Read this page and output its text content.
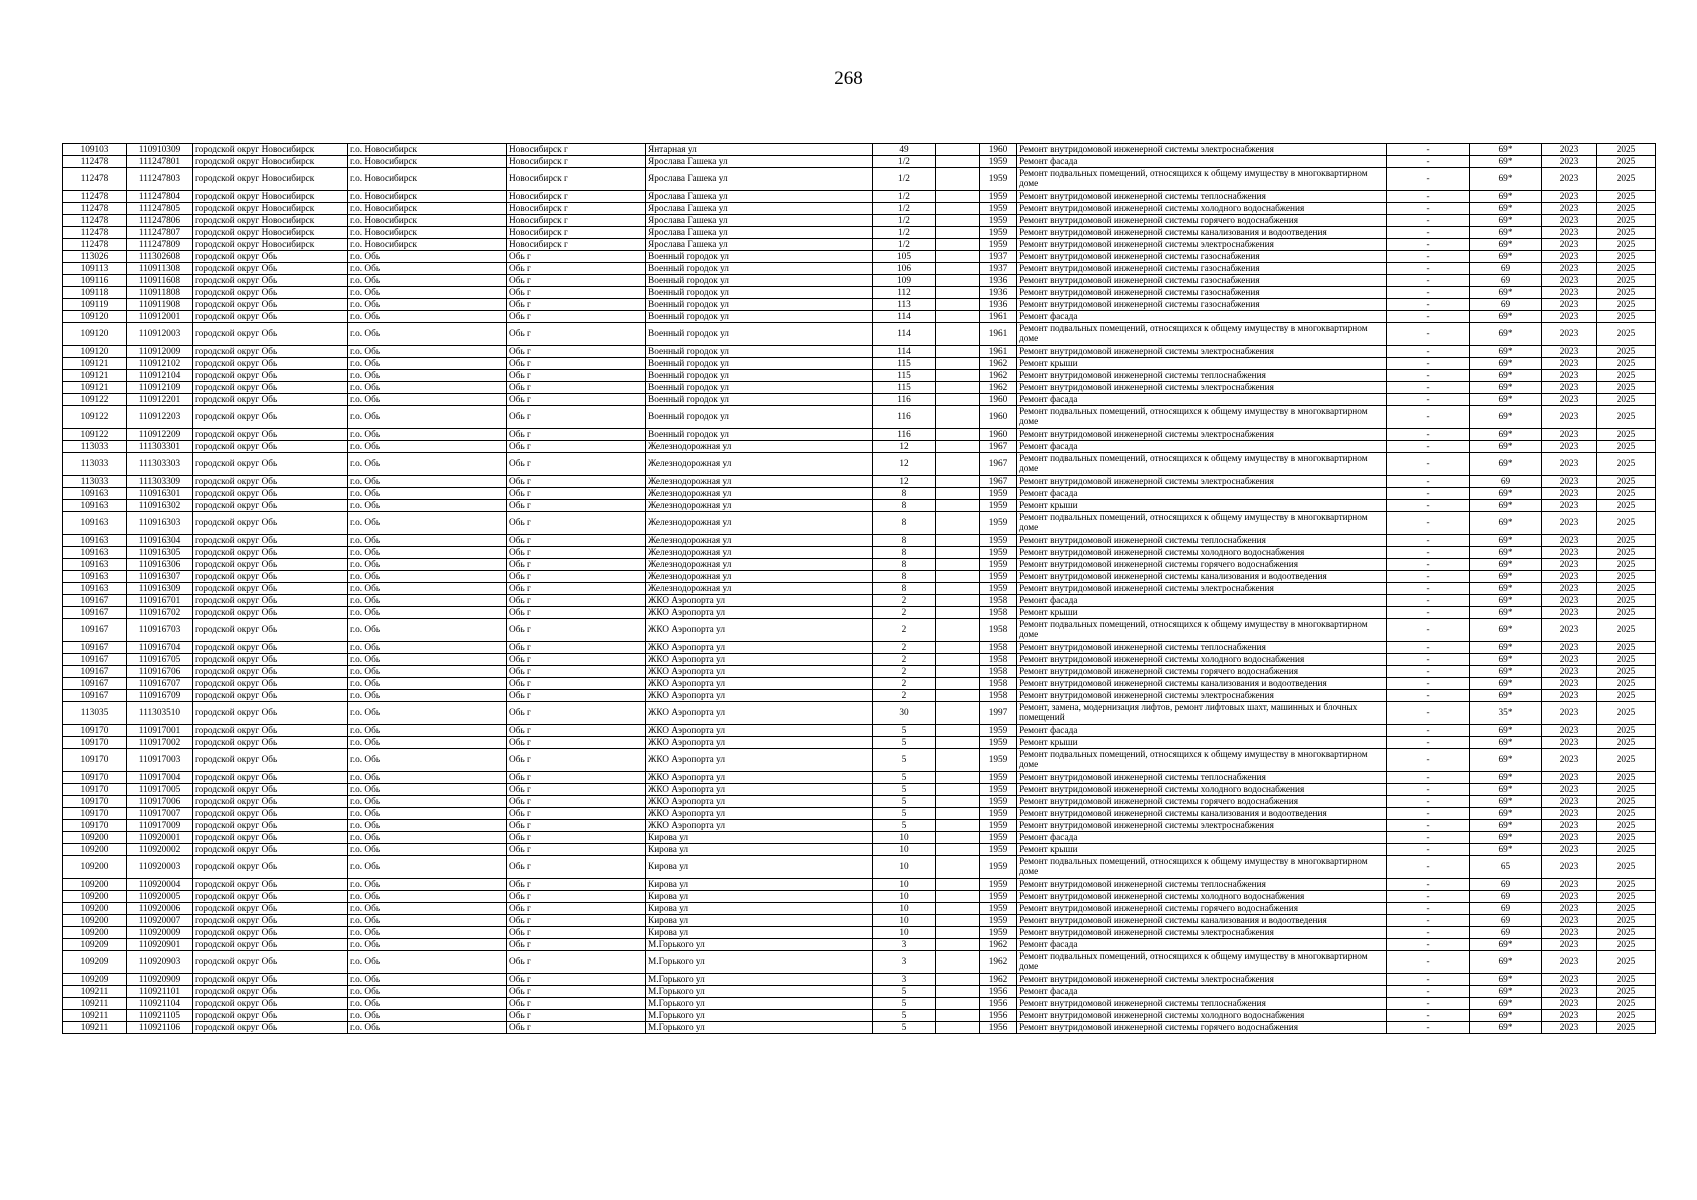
268
109103	110910309	городской округ Новосибирск	г.о. Новосибирск	Новосибирск г	Янтарная ул	49		1960	Ремонт внутридомовой инженерной системы электроснабжения	-	69*	2023	2025
112478	111247801	городской округ Новосибирск	г.о. Новосибирск	Новосибирск г	Ярослава Гашека ул	1/2		1959	Ремонт фасада	-	69*	2023	2025
112478	111247803	городской округ Новосибирск	г.о. Новосибирск	Новосибирск г	Ярослава Гашека ул	1/2		1959	Ремонт подвальных помещений, относящихся к общему имуществу в многоквартирном доме	-	69*	2023	2025
112478	111247804	городской округ Новосибирск	г.о. Новосибирск	Новосибирск г	Ярослава Гашека ул	1/2		1959	Ремонт внутридомовой инженерной системы теплоснабжения	-	69*	2023	2025
112478	111247805	городской округ Новосибирск	г.о. Новосибирск	Новосибирск г	Ярослава Гашека ул	1/2		1959	Ремонт внутридомовой инженерной системы холодного водоснабжения	-	69*	2023	2025
112478	111247806	городской округ Новосибирск	г.о. Новосибирск	Новосибирск г	Ярослава Гашека ул	1/2		1959	Ремонт внутридомовой инженерной системы горячего водоснабжения	-	69*	2023	2025
112478	111247807	городской округ Новосибирск	г.о. Новосибирск	Новосибирск г	Ярослава Гашека ул	1/2		1959	Ремонт внутридомовой инженерной системы канализования и водоотведения	-	69*	2023	2025
112478	111247809	городской округ Новосибирск	г.о. Новосибирск	Новосибирск г	Ярослава Гашека ул	1/2		1959	Ремонт внутридомовой инженерной системы электроснабжения	-	69*	2023	2025
113026	111302608	городской округ Обь	г.о. Обь	Обь г	Военный городок ул	105		1937	Ремонт внутридомовой инженерной системы газоснабжения	-	69*	2023	2025
109113	110911308	городской округ Обь	г.о. Обь	Обь г	Военный городок ул	106		1937	Ремонт внутридомовой инженерной системы газоснабжения	-	69	2023	2025
109116	110911608	городской округ Обь	г.о. Обь	Обь г	Военный городок ул	109		1936	Ремонт внутридомовой инженерной системы газоснабжения	-	69	2023	2025
109118	110911808	городской округ Обь	г.о. Обь	Обь г	Военный городок ул	112		1936	Ремонт внутридомовой инженерной системы газоснабжения	-	69*	2023	2025
109119	110911908	городской округ Обь	г.о. Обь	Обь г	Военный городок ул	113		1936	Ремонт внутридомовой инженерной системы газоснабжения	-	69	2023	2025
109120	110912001	городской округ Обь	г.о. Обь	Обь г	Военный городок ул	114		1961	Ремонт фасада	-	69*	2023	2025
109120	110912003	городской округ Обь	г.о. Обь	Обь г	Военный городок ул	114		1961	Ремонт подвальных помещений, относящихся к общему имуществу в многоквартирном доме	-	69*	2023	2025
109120	110912009	городской округ Обь	г.о. Обь	Обь г	Военный городок ул	114		1961	Ремонт внутридомовой инженерной системы электроснабжения	-	69*	2023	2025
109121	110912102	городской округ Обь	г.о. Обь	Обь г	Военный городок ул	115		1962	Ремонт крыши	-	69*	2023	2025
109121	110912104	городской округ Обь	г.о. Обь	Обь г	Военный городок ул	115		1962	Ремонт внутридомовой инженерной системы теплоснабжения	-	69*	2023	2025
109121	110912109	городской округ Обь	г.о. Обь	Обь г	Военный городок ул	115		1962	Ремонт внутридомовой инженерной системы электроснабжения	-	69*	2023	2025
109122	110912201	городской округ Обь	г.о. Обь	Обь г	Военный городок ул	116		1960	Ремонт фасада	-	69*	2023	2025
109122	110912203	городской округ Обь	г.о. Обь	Обь г	Военный городок ул	116		1960	Ремонт подвальных помещений, относящихся к общему имуществу в многоквартирном доме	-	69*	2023	2025
109122	110912209	городской округ Обь	г.о. Обь	Обь г	Военный городок ул	116		1960	Ремонт внутридомовой инженерной системы электроснабжения	-	69*	2023	2025
113033	111303301	городской округ Обь	г.о. Обь	Обь г	Железнодорожная ул	12		1967	Ремонт фасада	-	69*	2023	2025
113033	111303303	городской округ Обь	г.о. Обь	Обь г	Железнодорожная ул	12		1967	Ремонт подвальных помещений, относящихся к общему имуществу в многоквартирном доме	-	69*	2023	2025
113033	111303309	городской округ Обь	г.о. Обь	Обь г	Железнодорожная ул	12		1967	Ремонт внутридомовой инженерной системы электроснабжения	-	69	2023	2025
109163	110916301	городской округ Обь	г.о. Обь	Обь г	Железнодорожная ул	8		1959	Ремонт фасада	-	69*	2023	2025
109163	110916302	городской округ Обь	г.о. Обь	Обь г	Железнодорожная ул	8		1959	Ремонт крыши	-	69*	2023	2025
109163	110916303	городской округ Обь	г.о. Обь	Обь г	Железнодорожная ул	8		1959	Ремонт подвальных помещений, относящихся к общему имуществу в многоквартирном доме	-	69*	2023	2025
109163	110916304	городской округ Обь	г.о. Обь	Обь г	Железнодорожная ул	8		1959	Ремонт внутридомовой инженерной системы теплоснабжения	-	69*	2023	2025
109163	110916305	городской округ Обь	г.о. Обь	Обь г	Железнодорожная ул	8		1959	Ремонт внутридомовой инженерной системы холодного водоснабжения	-	69*	2023	2025
109163	110916306	городской округ Обь	г.о. Обь	Обь г	Железнодорожная ул	8		1959	Ремонт внутридомовой инженерной системы горячего водоснабжения	-	69*	2023	2025
109163	110916307	городской округ Обь	г.о. Обь	Обь г	Железнодорожная ул	8		1959	Ремонт внутридомовой инженерной системы канализования и водоотведения	-	69*	2023	2025
109163	110916309	городской округ Обь	г.о. Обь	Обь г	Железнодорожная ул	8		1959	Ремонт внутридомовой инженерной системы электроснабжения	-	69*	2023	2025
109167	110916701	городской округ Обь	г.о. Обь	Обь г	ЖКО Аэропорта ул	2		1958	Ремонт фасада	-	69*	2023	2025
109167	110916702	городской округ Обь	г.о. Обь	Обь г	ЖКО Аэропорта ул	2		1958	Ремонт крыши	-	69*	2023	2025
109167	110916703	городской округ Обь	г.о. Обь	Обь г	ЖКО Аэропорта ул	2		1958	Ремонт подвальных помещений, относящихся к общему имуществу в многоквартирном доме	-	69*	2023	2025
109167	110916704	городской округ Обь	г.о. Обь	Обь г	ЖКО Аэропорта ул	2		1958	Ремонт внутридомовой инженерной системы теплоснабжения	-	69*	2023	2025
109167	110916705	городской округ Обь	г.о. Обь	Обь г	ЖКО Аэропорта ул	2		1958	Ремонт внутридомовой инженерной системы холодного водоснабжения	-	69*	2023	2025
109167	110916706	городской округ Обь	г.о. Обь	Обь г	ЖКО Аэропорта ул	2		1958	Ремонт внутридомовой инженерной системы горячего водоснабжения	-	69*	2023	2025
109167	110916707	городской округ Обь	г.о. Обь	Обь г	ЖКО Аэропорта ул	2		1958	Ремонт внутридомовой инженерной системы канализования и водоотведения	-	69*	2023	2025
109167	110916709	городской округ Обь	г.о. Обь	Обь г	ЖКО Аэропорта ул	2		1958	Ремонт внутридомовой инженерной системы электроснабжения	-	69*	2023	2025
113035	111303510	городской округ Обь	г.о. Обь	Обь г	ЖКО Аэропорта ул	30		1997	Ремонт, замена, модернизация лифтов, ремонт лифтовых шахт, машинных и блочных помещений	-	35*	2023	2025
109170	110917001	городской округ Обь	г.о. Обь	Обь г	ЖКО Аэропорта ул	5		1959	Ремонт фасада	-	69*	2023	2025
109170	110917002	городской округ Обь	г.о. Обь	Обь г	ЖКО Аэропорта ул	5		1959	Ремонт крыши	-	69*	2023	2025
109170	110917003	городской округ Обь	г.о. Обь	Обь г	ЖКО Аэропорта ул	5		1959	Ремонт подвальных помещений, относящихся к общему имуществу в многоквартирном доме	-	69*	2023	2025
109170	110917004	городской округ Обь	г.о. Обь	Обь г	ЖКО Аэропорта ул	5		1959	Ремонт внутридомовой инженерной системы теплоснабжения	-	69*	2023	2025
109170	110917005	городской округ Обь	г.о. Обь	Обь г	ЖКО Аэропорта ул	5		1959	Ремонт внутридомовой инженерной системы холодного водоснабжения	-	69*	2023	2025
109170	110917006	городской округ Обь	г.о. Обь	Обь г	ЖКО Аэропорта ул	5		1959	Ремонт внутридомовой инженерной системы горячего водоснабжения	-	69*	2023	2025
109170	110917007	городской округ Обь	г.о. Обь	Обь г	ЖКО Аэропорта ул	5		1959	Ремонт внутридомовой инженерной системы канализования и водоотведения	-	69*	2023	2025
109170	110917009	городской округ Обь	г.о. Обь	Обь г	ЖКО Аэропорта ул	5		1959	Ремонт внутридомовой инженерной системы электроснабжения	-	69*	2023	2025
109200	110920001	городской округ Обь	г.о. Обь	Обь г	Кирова ул	10		1959	Ремонт фасада	-	69*	2023	2025
109200	110920002	городской округ Обь	г.о. Обь	Обь г	Кирова ул	10		1959	Ремонт крыши	-	69*	2023	2025
109200	110920003	городской округ Обь	г.о. Обь	Обь г	Кирова ул	10		1959	Ремонт подвальных помещений, относящихся к общему имуществу в многоквартирном доме	-	65	2023	2025
109200	110920004	городской округ Обь	г.о. Обь	Обь г	Кирова ул	10		1959	Ремонт внутридомовой инженерной системы теплоснабжения	-	69	2023	2025
109200	110920005	городской округ Обь	г.о. Обь	Обь г	Кирова ул	10		1959	Ремонт внутридомовой инженерной системы холодного водоснабжения	-	69	2023	2025
109200	110920006	городской округ Обь	г.о. Обь	Обь г	Кирова ул	10		1959	Ремонт внутридомовой инженерной системы горячего водоснабжения	-	69	2023	2025
109200	110920007	городской округ Обь	г.о. Обь	Обь г	Кирова ул	10		1959	Ремонт внутридомовой инженерной системы канализования и водоотведения	-	69	2023	2025
109200	110920009	городской округ Обь	г.о. Обь	Обь г	Кирова ул	10		1959	Ремонт внутридомовой инженерной системы электроснабжения	-	69	2023	2025
109209	110920901	городской округ Обь	г.о. Обь	Обь г	М.Горького ул	3		1962	Ремонт фасада	-	69*	2023	2025
109209	110920903	городской округ Обь	г.о. Обь	Обь г	М.Горького ул	3		1962	Ремонт подвальных помещений, относящихся к общему имуществу в многоквартирном доме	-	69*	2023	2025
109209	110920909	городской округ Обь	г.о. Обь	Обь г	М.Горького ул	3		1962	Ремонт внутридомовой инженерной системы электроснабжения	-	69*	2023	2025
109211	110921101	городской округ Обь	г.о. Обь	Обь г	М.Горького ул	5		1956	Ремонт фасада	-	69*	2023	2025
109211	110921104	городской округ Обь	г.о. Обь	Обь г	М.Горького ул	5		1956	Ремонт внутридомовой инженерной системы теплоснабжения	-	69*	2023	2025
109211	110921105	городской округ Обь	г.о. Обь	Обь г	М.Горького ул	5		1956	Ремонт внутридомовой инженерной системы холодного водоснабжения	-	69*	2023	2025
109211	110921106	городской округ Обь	г.о. Обь	Обь г	М.Горького ул	5		1956	Ремонт внутридомовой инженерной системы горячего водоснабжения	-	69*	2023	2025
